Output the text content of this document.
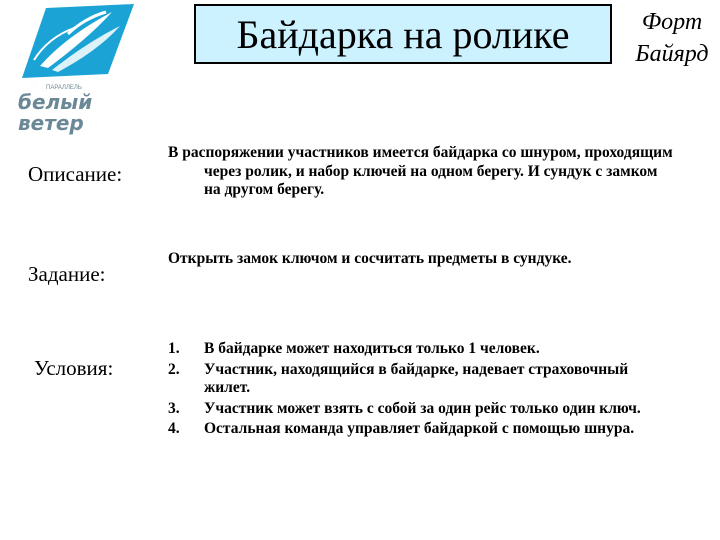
ПАРАЛЛЕЛЬ
белый
ветер
Байдарка на ролике	Форт
Байярд
Описание:
В распоряжении участников имеется байдарка со шнуром, проходящим через ролик, и набор ключей на одном берегу. И сундук с замком на другом берегу.
Задание:
Открыть замок ключом и сосчитать предметы в сундуке.
Условия:
1.	В байдарке может находиться только 1 человек.
2.	Участник, находящийся в байдарке, надевает страховочный жилет.
3.	Участник может взять с собой за один рейс только один ключ.
4.	Остальная команда управляет байдаркой с помощью шнура.
